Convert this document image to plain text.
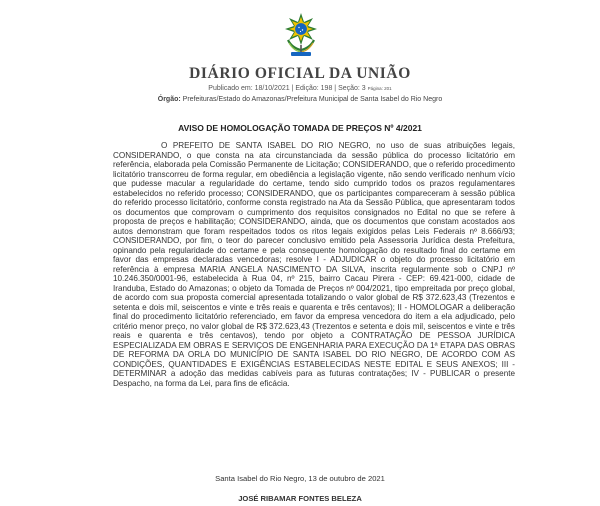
DIÁRIO OFICIAL DA UNIÃO
Publicado em: 18/10/2021 | Edição: 198 | Seção: 3 Página: 201
Órgão: Prefeituras/Estado do Amazonas/Prefeitura Municipal de Santa Isabel do Rio Negro
AVISO DE HOMOLOGAÇÃO TOMADA DE PREÇOS Nº 4/2021

O PREFEITO DE SANTA ISABEL DO RIO NEGRO, no uso de suas atribuições legais, CONSIDERANDO, o que consta na ata circunstanciada da sessão pública do processo licitatório em referência, elaborada pela Comissão Permanente de Licitação; CONSIDERANDO, que o referido procedimento licitatório transcorreu de forma regular, em obediência a legislação vigente, não sendo verificado nenhum vício que pudesse macular a regularidade do certame, tendo sido cumprido todos os prazos regulamentares estabelecidos no referido processo; CONSIDERANDO, que os participantes compareceram à sessão pública do referido processo licitatório, conforme consta registrado na Ata da Sessão Pública, que apresentaram todos os documentos que comprovam o cumprimento dos requisitos consignados no Edital no que se refere à proposta de preços e habilitação; CONSIDERANDO, ainda, que os documentos que constam acostados aos autos demonstram que foram respeitados todos os ritos legais exigidos pelas Leis Federais nº 8.666/93; CONSIDERANDO, por fim, o teor do parecer conclusivo emitido pela Assessoria Jurídica desta Prefeitura, opinando pela regularidade do certame e pela consequente homologação do resultado final do certame em favor das empresas declaradas vencedoras; resolve I - ADJUDICAR o objeto do processo licitatório em referência à empresa MARIA ANGELA NASCIMENTO DA SILVA, inscrita regularmente sob o CNPJ nº 10.246.350/0001-96, estabelecida à Rua 04, nº 215, bairro Cacau Pirera - CEP: 69.421-000, cidade de Iranduba, Estado do Amazonas; o objeto da Tomada de Preços nº 004/2021, tipo empreitada por preço global, de acordo com sua proposta comercial apresentada totalizando o valor global de R$ 372.623,43 (Trezentos e setenta e dois mil, seiscentos e vinte e três reais e quarenta e três centavos); II - HOMOLOGAR a deliberação final do procedimento licitatório referenciado, em favor da empresa vencedora do item a ela adjudicado, pelo critério menor preço, no valor global de R$ 372.623,43 (Trezentos e setenta e dois mil, seiscentos e vinte e três reais e quarenta e três centavos), tendo por objeto a CONTRATAÇÃO DE PESSOA JURÍDICA ESPECIALIZADA EM OBRAS E SERVIÇOS DE ENGENHARIA PARA EXECUÇÃO DA 1ª ETAPA DAS OBRAS DE REFORMA DA ORLA DO MUNICÍPIO DE SANTA ISABEL DO RIO NEGRO, DE ACORDO COM AS CONDIÇÕES, QUANTIDADES E EXIGÊNCIAS ESTABELECIDAS NESTE EDITAL E SEUS ANEXOS; III - DETERMINAR a adoção das medidas cabíveis para as futuras contratações; IV - PUBLICAR o presente Despacho, na forma da Lei, para fins de eficácia.

Santa Isabel do Rio Negro, 13 de outubro de 2021
JOSÉ RIBAMAR FONTES BELEZA
